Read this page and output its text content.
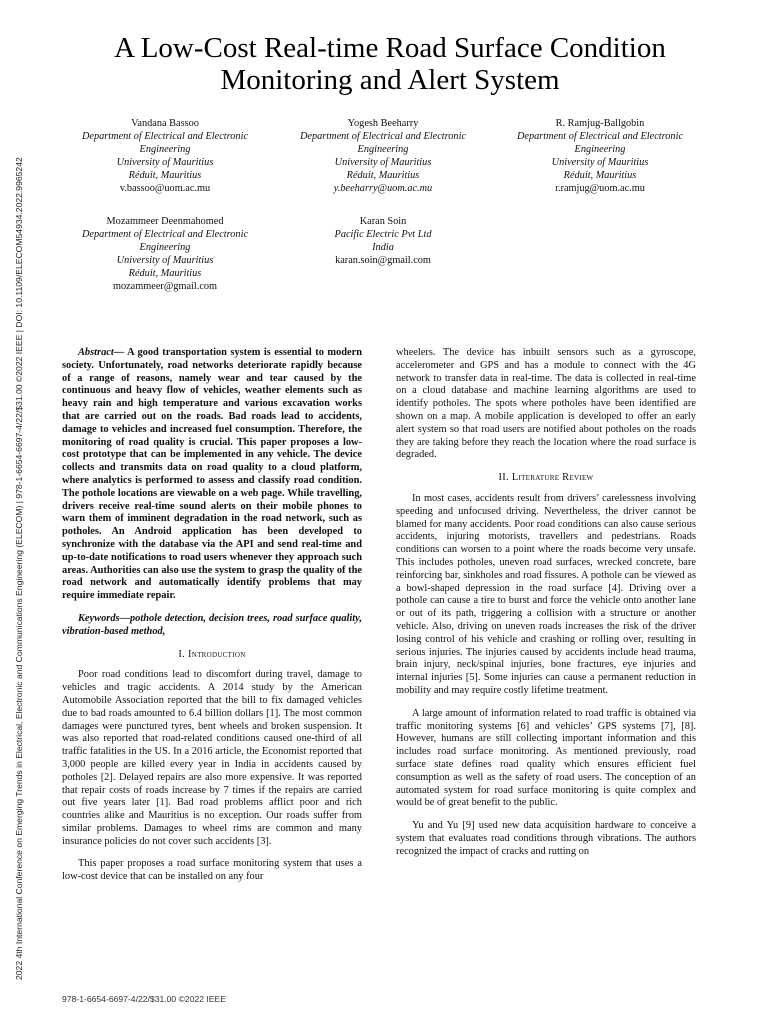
2022 4th International Conference on Emerging Trends in Electrical, Electronic and Communications Engineering (ELECOM) | 978-1-6654-6697-4/22/$31.00 ©2022 IEEE | DOI: 10.1109/ELECOM54934.2022.9965242
A Low-Cost Real-time Road Surface Condition
Monitoring and Alert System
Vandana Bassoo
Department of Electrical and Electronic
Engineering
University of Mauritius
Réduit, Mauritius
v.bassoo@uom.ac.mu
Yogesh Beeharry
Department of Electrical and Electronic
Engineering
University of Mauritius
Réduit, Mauritius
y.beeharry@uom.ac.mu
R. Ramjug-Ballgobin
Department of Electrical and Electronic
Engineering
University of Mauritius
Réduit, Mauritius
r.ramjug@uom.ac.mu
Mozammeer Deenmahomed
Department of Electrical and Electronic
Engineering
University of Mauritius
Réduit, Mauritius
mozammeer@gmail.com
Karan Soin
Pacific Electric Pvt Ltd
India
karan.soin@gmail.com

Abstract— A good transportation system is essential to modern society. Unfortunately, road networks deteriorate rapidly because of a range of reasons, namely wear and tear caused by the continuous and heavy flow of vehicles, weather elements such as heavy rain and high temperature and various excavation works that are carried out on the roads. Bad roads lead to accidents, damage to vehicles and increased fuel consumption. Therefore, the monitoring of road quality is crucial. This paper proposes a low-cost prototype that can be implemented in any vehicle. The device collects and transmits data on road quality to a cloud platform, where analytics is performed to assess and classify road condition. The pothole locations are viewable on a web page. While travelling, drivers receive real-time sound alerts on their mobile phones to warn them of imminent degradation in the road network, such as potholes. An Android application has been developed to synchronize with the database via the API and send real-time and up-to-date notifications to road users whenever they approach such areas. Authorities can also use the system to grasp the quality of the road network and automatically identify problems that may require immediate repair.

Keywords—pothole detection, decision trees, road surface quality, vibration-based method,

I. Introduction

Poor road conditions lead to discomfort during travel, damage to vehicles and tragic accidents. A 2014 study by the American Automobile Association reported that the bill to fix damaged vehicles due to bad roads amounted to 6.4 billion dollars [1]. The most common damages were punctured tyres, bent wheels and broken suspension. It was also reported that road-related conditions caused one-third of all traffic fatalities in the US. In a 2016 article, the Economist reported that 3,000 people are killed every year in India in accidents caused by potholes [2]. Delayed repairs are also more expensive. It was reported that repair costs of roads increase by 7 times if the repairs are carried out five years later [1]. Bad road problems afflict poor and rich countries alike and Mauritius is no exception. Our roads suffer from similar problems. Damages to wheel rims are common and many insurance policies do not cover such accidents [3].

This paper proposes a road surface monitoring system that uses a low-cost device that can be installed on any four

wheelers. The device has inbuilt sensors such as a gyroscope, accelerometer and GPS and has a module to connect with the 4G network to transfer data in real-time. The data is collected in real-time on a cloud database and machine learning algorithms are used to identify potholes. The spots where potholes have been identified are shown on a map. A mobile application is developed to offer an early alert system so that road users are notified about potholes on the roads they are taking before they reach the location where the road surface is degraded.

II. Literature Review

In most cases, accidents result from drivers’ carelessness involving speeding and unfocused driving. Nevertheless, the driver cannot be blamed for many accidents. Poor road conditions can also cause serious accidents, injuring motorists, travellers and pedestrians. Roads conditions can worsen to a point where the roads become very unsafe. This includes potholes, uneven road surfaces, wrecked concrete, bare reinforcing bar, sinkholes and road fissures. A pothole can be viewed as a bowl-shaped depression in the road surface [4]. Driving over a pothole can cause a tire to burst and force the vehicle onto another lane or out of its path, triggering a collision with a structure or another vehicle. Also, driving on uneven roads increases the risk of the driver losing control of his vehicle and crashing or rolling over, resulting in serious injuries. The injuries caused by accidents include head trauma, brain injury, neck/spinal injuries, bone fractures, eye injuries and internal injuries [5]. Some injuries can cause a permanent reduction in mobility and may require costly lifetime treatment.

A large amount of information related to road traffic is obtained via traffic monitoring systems [6] and vehicles’ GPS systems [7], [8]. However, humans are still collecting important information and this includes road surface monitoring. As mentioned previously, road surface state defines road quality which ensures efficient fuel consumption as well as the safety of road users. The conception of an automated system for road surface monitoring is quite complex and would be of great benefit to the public.

Yu and Yu [9] used new data acquisition hardware to conceive a system that evaluates road conditions through vibrations. The authors recognized the impact of cracks and rutting on

978-1-6654-6697-4/22/$31.00 ©2022 IEEE
